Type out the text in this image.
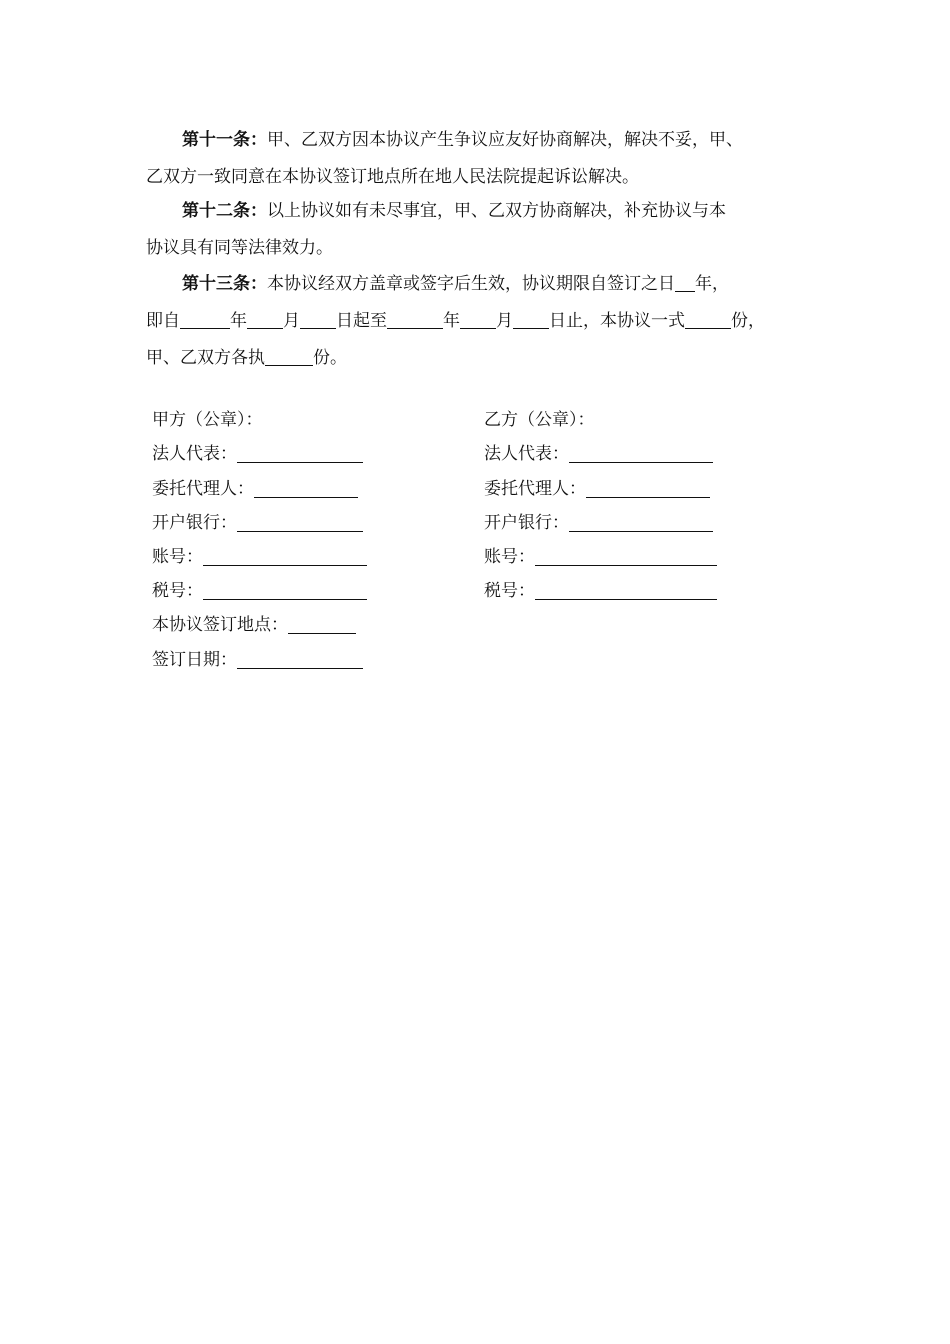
第十一条：甲、乙双方因本协议产生争议应友好协商解决，解决不妥，甲、
乙双方一致同意在本协议签订地点所在地人民法院提起诉讼解决。
第十二条：以上协议如有未尽事宜，甲、乙双方协商解决，补充协议与本
协议具有同等法律效力。
第十三条：本协议经双方盖章或签字后生效，协议期限自签订之日 年，
即自	年 月 日起至	年 月 日止，本协议一式	份，
甲、乙双方各执	份。
甲方（公章）：
法人代表：
委托代理人：
开户银行：
账号：
税号：
本协议签订地点：
签订日期：
乙方（公章）：
法人代表：
委托代理人：
开户银行：
账号：
税号：
